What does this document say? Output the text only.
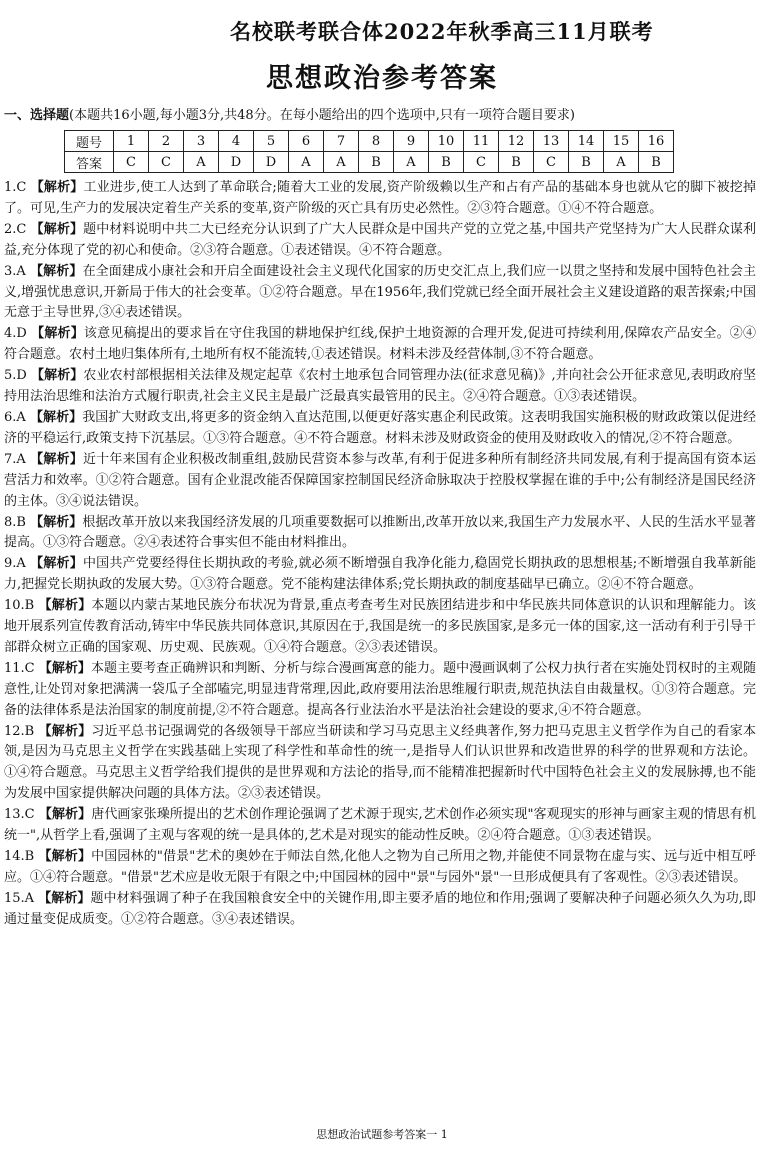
名校联考联合体2022年秋季高三11月联考
思想政治参考答案
一、选择题(本题共16小题,每小题3分,共48分。在每小题给出的四个选项中,只有一项符合题目要求)
题号	1	2	3	4	5	6	7	8	9	10	11	12	13	14	15	16
答案	C	C	A	D	D	A	A	B	A	B	C	B	C	B	A	B
1.C 【解析】工业进步,使工人达到了革命联合;随着大工业的发展,资产阶级赖以生产和占有产品的基础本身也就从它的脚下被挖掉了。可见,生产力的发展决定着生产关系的变革,资产阶级的灭亡具有历史必然性。②③符合题意。①④不符合题意。
2.C 【解析】题中材料说明中共二大已经充分认识到了广大人民群众是中国共产党的立党之基,中国共产党坚持为广大人民群众谋利益,充分体现了党的初心和使命。②③符合题意。①表述错误。④不符合题意。
3.A 【解析】在全面建成小康社会和开启全面建设社会主义现代化国家的历史交汇点上,我们应一以贯之坚持和发展中国特色社会主义,增强忧患意识,开新局于伟大的社会变革。①②符合题意。早在1956年,我们党就已经全面开展社会主义建设道路的艰苦探索;中国无意于主导世界,③④表述错误。
4.D 【解析】该意见稿提出的要求旨在守住我国的耕地保护红线,保护土地资源的合理开发,促进可持续利用,保障农产品安全。②④符合题意。农村土地归集体所有,土地所有权不能流转,①表述错误。材料未涉及经营体制,③不符合题意。
5.D 【解析】农业农村部根据相关法律及规定起草《农村土地承包合同管理办法(征求意见稿)》,并向社会公开征求意见,表明政府坚持用法治思维和法治方式履行职责,社会主义民主是最广泛最真实最管用的民主。②④符合题意。①③表述错误。
6.A 【解析】我国扩大财政支出,将更多的资金纳入直达范围,以便更好落实惠企利民政策。这表明我国实施积极的财政政策以促进经济的平稳运行,政策支持下沉基层。①③符合题意。④不符合题意。材料未涉及财政资金的使用及财政收入的情况,②不符合题意。
7.A 【解析】近十年来国有企业积极改制重组,鼓励民营资本参与改革,有利于促进多种所有制经济共同发展,有利于提高国有资本运营活力和效率。①②符合题意。国有企业混改能否保障国家控制国民经济命脉取决于控股权掌握在谁的手中;公有制经济是国民经济的主体。③④说法错误。
8.B 【解析】根据改革开放以来我国经济发展的几项重要数据可以推断出,改革开放以来,我国生产力发展水平、人民的生活水平显著提高。①③符合题意。②④表述符合事实但不能由材料推出。
9.A 【解析】中国共产党要经得住长期执政的考验,就必须不断增强自我净化能力,稳固党长期执政的思想根基;不断增强自我革新能力,把握党长期执政的发展大势。①③符合题意。党不能构建法律体系;党长期执政的制度基础早已确立。②④不符合题意。
10.B 【解析】本题以内蒙古某地民族分布状况为背景,重点考查考生对民族团结进步和中华民族共同体意识的认识和理解能力。该地开展系列宣传教育活动,铸牢中华民族共同体意识,其原因在于,我国是统一的多民族国家,是多元一体的国家,这一活动有利于引导干部群众树立正确的国家观、历史观、民族观。①④符合题意。②③表述错误。
11.C 【解析】本题主要考查正确辨识和判断、分析与综合漫画寓意的能力。题中漫画讽刺了公权力执行者在实施处罚权时的主观随意性,让处罚对象把满满一袋瓜子全部嗑完,明显违背常理,因此,政府要用法治思维履行职责,规范执法自由裁量权。①③符合题意。完备的法律体系是法治国家的制度前提,②不符合题意。提高各行业法治水平是法治社会建设的要求,④不符合题意。
12.B 【解析】习近平总书记强调党的各级领导干部应当研读和学习马克思主义经典著作,努力把马克思主义哲学作为自己的看家本领,是因为马克思主义哲学在实践基础上实现了科学性和革命性的统一,是指导人们认识世界和改造世界的科学的世界观和方法论。①④符合题意。马克思主义哲学给我们提供的是世界观和方法论的指导,而不能精准把握新时代中国特色社会主义的发展脉搏,也不能为发展中国家提供解决问题的具体方法。②③表述错误。
13.C 【解析】唐代画家张璪所提出的艺术创作理论强调了艺术源于现实,艺术创作必须实现"客观现实的形神与画家主观的情思有机统一",从哲学上看,强调了主观与客观的统一是具体的,艺术是对现实的能动性反映。②④符合题意。①③表述错误。
14.B 【解析】中国园林的"借景"艺术的奥妙在于师法自然,化他人之物为自己所用之物,并能使不同景物在虚与实、远与近中相互呼应。①④符合题意。"借景"艺术应是收无限于有限之中;中国园林的园中"景"与园外"景"一旦形成便具有了客观性。②③表述错误。
15.A 【解析】题中材料强调了种子在我国粮食安全中的关键作用,即主要矛盾的地位和作用;强调了要解决种子问题必须久久为功,即通过量变促成质变。①②符合题意。③④表述错误。
思想政治试题参考答案一 1
